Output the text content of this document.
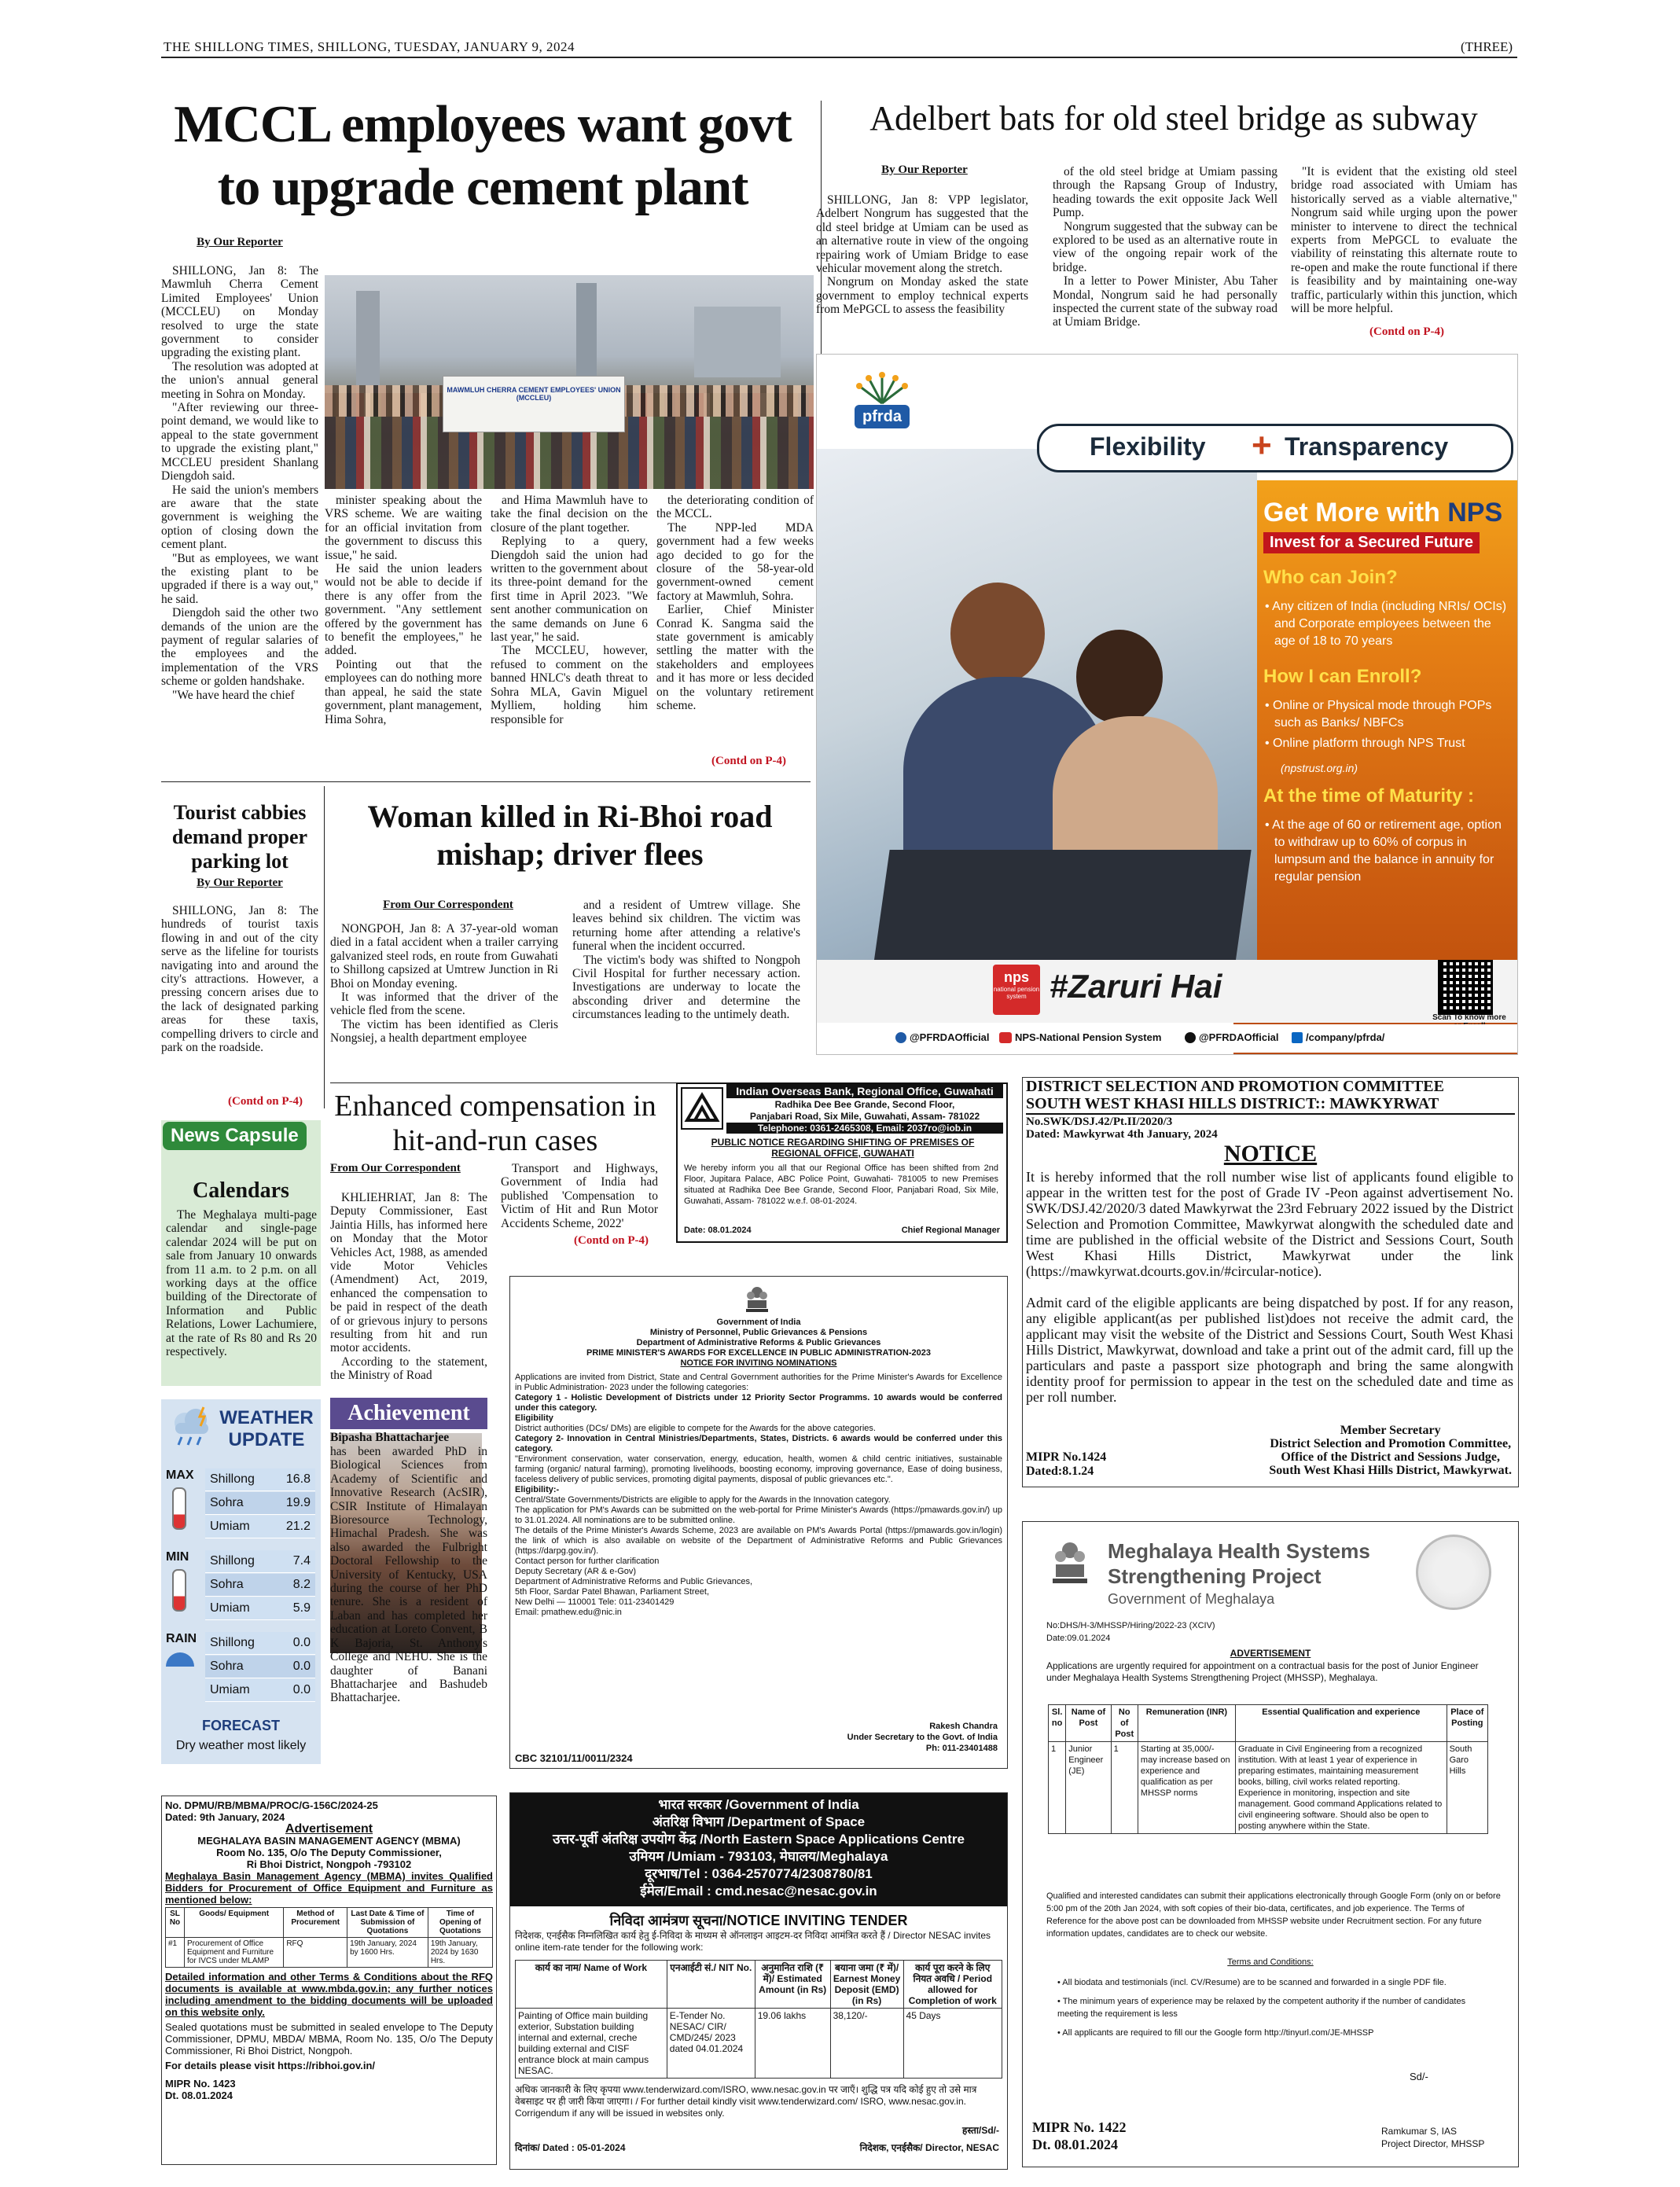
THE SHILLONG TIMES, SHILLONG, TUESDAY, JANUARY 9, 2024	(THREE)
MCCL employees want govt to upgrade cement plant
By Our Reporter

SHILLONG, Jan 8: The Mawmluh Cherra Cement Limited Employees' Union (MCCLEU) on Monday resolved to urge the state government to consider upgrading the existing plant.

The resolution was adopted at the union's annual general meeting in Sohra on Monday.

"After reviewing our three-point demand, we would like to appeal to the state government to upgrade the existing plant," MCCLEU president Shanlang Diengdoh said.

He said the union's members are aware that the state government is weighing the option of closing down the cement plant.

"But as employees, we want the existing plant to be upgraded if there is a way out," he said.

Diengdoh said the other two demands of the union are the payment of regular salaries of the employees and the implementation of the VRS scheme or golden handshake.

"We have heard the chief

MAWMLUH CHERRA CEMENT EMPLOYEES' UNION (MCCLEU)

minister speaking about the VRS scheme. We are waiting for an official invitation from the government to discuss this issue," he said.

He said the union leaders would not be able to decide if there is any offer from the government. "Any settlement offered by the government has to benefit the employees," he added.

Pointing out that the employees can do nothing more than appeal, he said the state government, plant management, Hima Sohra,

and Hima Mawmluh have to take the final decision on the closure of the plant together.

Replying to a query, Diengdoh said the union had written to the government about its three-point demand for the first time in April 2023. "We sent another communication on the same demands on June 6 last year," he said.

The MCCLEU, however, refused to comment on the banned HNLC's death threat to Sohra MLA, Gavin Miguel Mylliem, holding him responsible for

the deteriorating condition of the MCCL.

The NPP-led MDA government had a few weeks ago decided to go for the closure of the 58-year-old government-owned cement factory at Mawmluh, Sohra.

Earlier, Chief Minister Conrad K. Sangma said the state government is amicably settling the matter with the stakeholders and employees and it has more or less decided on the voluntary retirement scheme.

(Contd on P-4)
Adelbert bats for old steel bridge as subway
By Our Reporter

SHILLONG, Jan 8: VPP legislator, Adelbert Nongrum has suggested that the old steel bridge at Umiam can be used as an alternative route in view of the ongoing repairing work of Umiam Bridge to ease vehicular movement along the stretch.

Nongrum on Monday asked the state government to employ technical experts from MePGCL to assess the feasibility

of the old steel bridge at Umiam passing through the Rapsang Group of Industry, heading towards the exit opposite Jack Well Pump.

Nongrum suggested that the subway can be explored to be used as an alternative route in view of the ongoing repair work of the bridge.

In a letter to Power Minister, Abu Taher Mondal, Nongrum said he had personally inspected the current state of the subway road at Umiam Bridge.

"It is evident that the existing old steel bridge road associated with Umiam has historically served as a viable alternative," Nongrum said while urging upon the power minister to intervene to direct the technical experts from MePGCL to evaluate the viability of reinstating this alternate route to re-open and make the route functional if there is feasibility and by maintaining one-way traffic, particularly within this junction, which will be more helpful.

(Contd on P-4)
pfrda
Flexibility + Transparency
Get More with NPS
Invest for a Secured Future
Who can Join?
• Any citizen of India (including NRIs/ OCIs) and Corporate employees between the age of 18 to 70 years
How I can Enroll?
• Online or Physical mode through POPs such as Banks/ NBFCs
• Online platform through NPS Trust
(npstrust.org.in)
At the time of Maturity :
• At the age of 60 or retirement age, option to withdraw up to 60% of corpus in lumpsum and the balance in annuity for regular pension
nps
national pension system #Zaruri Hai
Scan To know more
@PFRDAOfficial NPS-National Pension System	@PFRDAOfficial	/company/pfrda/
Tourist cabbies demand proper parking lot
By Our Reporter

SHILLONG, Jan 8: The hundreds of tourist taxis flowing in and out of the city serve as the lifeline for tourists navigating into and around the city's attractions. However, a pressing concern arises due to the lack of designated parking areas for these taxis, compelling drivers to circle and park on the roadside.

(Contd on P-4)
Woman killed in Ri-Bhoi road mishap; driver flees
From Our Correspondent

NONGPOH, Jan 8: A 37-year-old woman died in a fatal accident when a trailer carrying galvanized steel rods, en route from Guwahati to Shillong capsized at Umtrew Junction in Ri Bhoi on Monday evening.

It was informed that the driver of the vehicle fled from the scene.

The victim has been identified as Cleris Nongsiej, a health department employee

and a resident of Umtrew village. She leaves behind six children. The victim was returning home after attending a relative's funeral when the incident occurred.

The victim's body was shifted to Nongpoh Civil Hospital for further necessary action. Investigations are underway to locate the absconding driver and determine the circumstances leading to the untimely death.

News Capsule
Calendars
The Meghalaya multi-page calendar and single-page calendar 2024 will be put on sale from January 10 onwards from 11 a.m. to 2 p.m. on all working days at the office building of the Directorate of Information and Public Relations, Lower Lachumiere, at the rate of Rs 80 and Rs 20 respectively.
WEATHER
UPDATE
MAX Shillong 16.8
Sohra	19.9
Umiam	21.2
MIN Shillong	7.4
Sohra	8.2
Umiam	5.9
RAIN Shillong	0.0
Sohra	0.0
Umiam	0.0
FORECAST
Dry weather most likely
Enhanced compensation in hit-and-run cases
From Our Correspondent

KHLIEHRIAT, Jan 8: The Deputy Commissioner, East Jaintia Hills, has informed here on Monday that the Motor Vehicles Act, 1988, as amended vide Motor Vehicles (Amendment) Act, 2019, enhanced the compensation to be paid in respect of the death of or grievous injury to persons resulting from hit and run motor accidents.

According to the statement, the Ministry of Road

Transport and Highways, Government of India had published 'Compensation to Victim of Hit and Run Motor Accidents Scheme, 2022'

(Contd on P-4)
Achievement
Bipasha Bhattacharjee
has been awarded PhD in Biological Sciences from Academy of Scientific and Innovative Research (AcSIR), CSIR Institute of Himalayan Bioresource Technology, Himachal Pradesh. She was also awarded the Fulbright Doctoral Fellowship to the University of Kentucky, USA during the course of her PhD tenure. She is a resident of Laban and has completed her education at Loreto Convent, B K Bajoria, St. Anthony's College and NEHU. She is the daughter of Banani Bhattacharjee and Bashudeb Bhattacharjee.
No. DPMU/RB/MBMA/PROC/G-156C/2024-25
Dated: 9th January, 2024
Advertisement
MEGHALAYA BASIN MANAGEMENT AGENCY (MBMA)
Room No. 135, O/o The Deputy Commissioner,
Ri Bhoi District, Nongpoh -793102
Meghalaya Basin Management Agency (MBMA) invites Qualified Bidders for Procurement of Office Equipment and Furniture as mentioned below:
SL No	Goods/ Equipment	Method of Procurement	Last Date & Time of Submission of Quotations	Time of Opening of Quotations
#1	Procurement of Office Equipment and Furniture for IVCS under MLAMP	RFQ	19th January, 2024 by 1600 Hrs.	19th January, 2024 by 1630 Hrs.
Detailed information and other Terms & Conditions about the RFQ documents is available at www.mbda.gov.in; any further notices including amendment to the bidding documents will be uploaded on this website only.
Sealed quotations must be submitted in sealed envelope to The Deputy Commissioner, DPMU, MBDA/ MBMA, Room No. 135, O/o The Deputy Commissioner, Ri Bhoi District, Nongpoh.
For details please visit https://ribhoi.gov.in/
MIPR No. 1423
Dt. 08.01.2024
Indian Overseas Bank, Regional Office, Guwahati
Radhika Dee Bee Grande, Second Floor,
Panjabari Road, Six Mile, Guwahati, Assam- 781022
Telephone: 0361-2465308, Email: 2037ro@iob.in
PUBLIC NOTICE REGARDING SHIFTING OF PREMISES OF REGIONAL OFFICE, GUWAHATI
We hereby inform you all that our Regional Office has been shifted from 2nd Floor, Jupitara Palace, ABC Police Point, Guwahati- 781005 to new Premises situated at Radhika Dee Bee Grande, Second Floor, Panjabari Road, Six Mile, Guwahati, Assam- 781022 w.e.f. 08-01-2024.
Date: 08.01.2024	Chief Regional Manager
Government of India
Ministry of Personnel, Public Grievances & Pensions
Department of Administrative Reforms & Public Grievances
PRIME MINISTER'S AWARDS FOR EXCELLENCE IN PUBLIC ADMINISTRATION-2023
NOTICE FOR INVITING NOMINATIONS
Applications are invited from District, State and Central Government authorities for the Prime Minister's Awards for Excellence in Public Administration- 2023 under the following categories:
Category 1 - Holistic Development of Districts under 12 Priority Sector Programms. 10 awards would be conferred under this category.
Eligibility
District authorities (DCs/ DMs) are eligible to compete for the Awards for the above categories.
Category 2- Innovation in Central Ministries/Departments, States, Districts. 6 awards would be conferred under this category.
"Environment conservation, water conservation, energy, education, health, women & child centric initiatives, sustainable farming (organic/ natural farming), promoting livelihoods, boosting economy, improving governance, Ease of doing business, faceless delivery of public services, promoting digital payments, disposal of public grievances etc.".
Eligibility:-
Central/State Governments/Districts are eligible to apply for the Awards in the Innovation category.
The application for PM's Awards can be submitted on the web-portal for Prime Minister's Awards (https://pmawards.gov.in/) up to 31.01.2024. All nominations are to be submitted online.
The details of the Prime Minister's Awards Scheme, 2023 are available on PM's Awards Portal (https://pmawards.gov.in/login) the link of which is also available on website of the Department of Administrative Reforms and Public Grievances (https://darpg.gov.in/).
Contact person for further clarification
Deputy Secretary (AR & e-Gov)
Department of Administrative Reforms and Public Grievances,
5th Floor, Sardar Patel Bhawan, Parliament Street,
New Delhi — 110001 Tele: 011-23401429
Email: pmathew.edu@nic.in
Rakesh Chandra
Under Secretary to the Govt. of India
Ph: 011-23401488
CBC 32101/11/0011/2324
भारत सरकार /Government of India
अंतरिक्ष विभाग /Department of Space
उत्तर-पूर्वी अंतरिक्ष उपयोग केंद्र /North Eastern Space Applications Centre
उमियम /Umiam - 793103, मेघालय/Meghalaya
दूरभाष/Tel : 0364-2570774/2308780/81
ईमेल/Email : cmd.nesac@nesac.gov.in
निविदा आमंत्रण सूचना/NOTICE INVITING TENDER
निदेशक, एनईसैक निम्नलिखित कार्य हेतु ई-निविदा के माध्यम से ऑनलाइन आइटम-दर निविदा आमंत्रित करते हैं / Director NESAC invites online item-rate tender for the following work:
कार्य का नाम/ Name of Work	एनआईटी सं./ NIT No.	अनुमानित राशि (₹ में)/ Estimated Amount (in Rs)	बयाना जमा (₹ में)/ Earnest Money Deposit (EMD) (in Rs)	कार्य पूरा करने के लिए नियत अवधि / Period allowed for Completion of work
Painting of Office main building exterior, Substation building internal and external, creche building external and CISF entrance block at main campus NESAC.	E-Tender No. NESAC/ CIR/ CMD/245/ 2023 dated 04.01.2024	19.06 lakhs	38,120/-	45 Days
अधिक जानकारी के लिए कृपया www.tenderwizard.com/ISRO, www.nesac.gov.in पर जाएँ। शुद्धि पत्र यदि कोई हुए तो उसे मात्र वेबसाइट पर ही जारी किया जाएगा। / For further detail kindly visit www.tenderwizard.com/ ISRO, www.nesac.gov.in. Corrigendum if any will be issued in websites only.
हस्ता/Sd/-
दिनांक/ Dated : 05-01-2024	निदेशक, एनईसैक/ Director, NESAC
DISTRICT SELECTION AND PROMOTION COMMITTEE
SOUTH WEST KHASI HILLS DISTRICT:: MAWKYRWAT
No.SWK/DSJ.42/Pt.II/2020/3
Dated: Mawkyrwat 4th January, 2024
NOTICE
It is hereby informed that the roll number wise list of applicants found eligible to appear in the written test for the post of Grade IV -Peon against advertisement No. SWK/DSJ.42/2020/3 dated Mawkyrwat the 23rd February 2022 issued by the District Selection and Promotion Committee, Mawkyrwat alongwith the scheduled date and time are published in the official website of the District and Sessions Court, South West Khasi Hills District, Mawkyrwat under the link (https://mawkyrwat.dcourts.gov.in/#circular-notice).
Admit card of the eligible applicants are being dispatched by post. If for any reason, any eligible applicant(as per published list)does not receive the admit card, the applicant may visit the website of the District and Sessions Court, South West Khasi Hills District, Mawkyrwat, download and take a print out of the admit card, fill up the particulars and paste a passport size photograph and bring the same alongwith identity proof for permission to appear in the test on the scheduled date and time as per roll number.
Member Secretary
District Selection and Promotion Committee,
Office of the District and Sessions Judge,
South West Khasi Hills District, Mawkyrwat.
MIPR No.1424
Dated:8.1.24
Meghalaya Health Systems
Strengthening Project
Government of Meghalaya
No:DHS/H-3/MHSSP/Hiring/2022-23 (XCIV)
Date:09.01.2024
ADVERTISEMENT
Applications are urgently required for appointment on a contractual basis for the post of Junior Engineer under Meghalaya Health Systems Strengthening Project (MHSSP), Meghalaya.
Sl. no	Name of Post	No of Post	Remuneration (INR)	Essential Qualification and experience	Place of Posting
1	Junior Engineer (JE)	1	Starting at 35,000/- may increase based on experience and qualification as per MHSSP norms	Graduate in Civil Engineering from a recognized institution. With at least 1 year of experience in preparing estimates, maintaining measurement books, billing, civil works related reporting. Experience in monitoring, inspection and site management. Good command Applications related to civil engineering software. Should also be open to posting anywhere within the State.	South Garo Hills
Qualified and interested candidates can submit their applications electronically through Google Form (only on or before 5:00 pm of the 20th Jan 2024, with soft copies of their bio-data, certificates, and job experience. The Terms of Reference for the above post can be downloaded from MHSSP website under Recruitment section. For any future information updates, candidates are to check our website.
Terms and Conditions:
• All biodata and testimonials (incl. CV/Resume) are to be scanned and forwarded in a single PDF file.
• The minimum years of experience may be relaxed by the competent authority if the number of candidates meeting the requirement is less
• All applicants are required to fill our the Google form http://tinyurl.com/JE-MHSSP
Sd/-
MIPR No. 1422
Dt. 08.01.2024
Ramkumar S, IAS
Project Director, MHSSP
